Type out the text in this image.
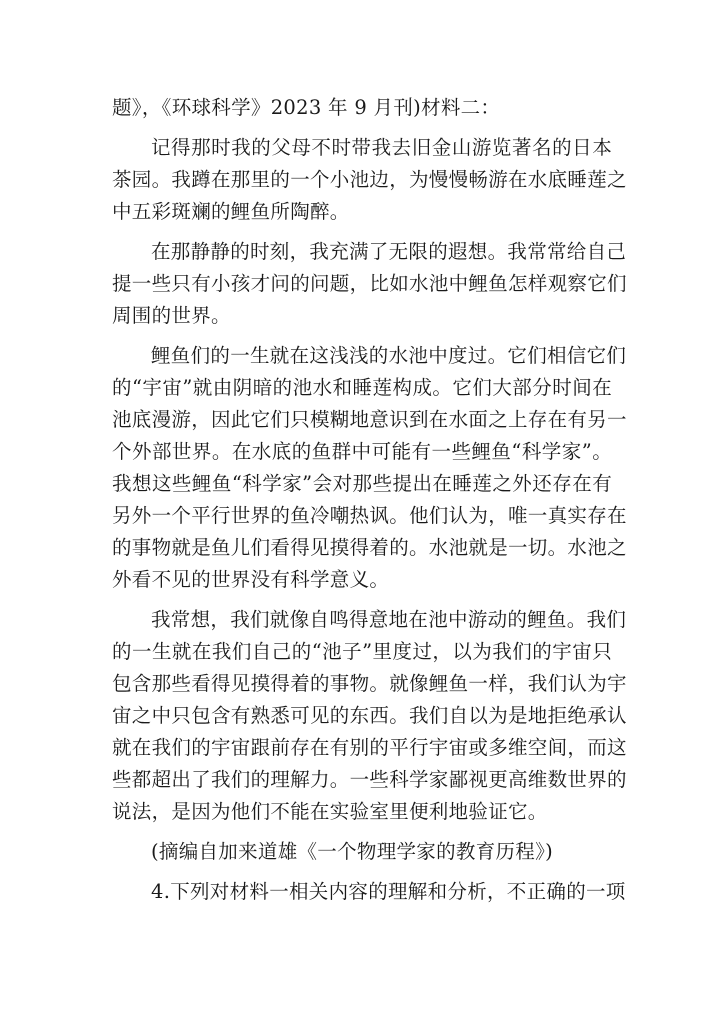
题》，《环球科学》2023 年 9 月刊)材料二：
记得那时我的父母不时带我去旧金山游览著名的日本
茶园。我蹲在那里的一个小池边，为慢慢畅游在水底睡莲之
中五彩斑斓的鲤鱼所陶醉。
在那静静的时刻，我充满了无限的遐想。我常常给自己
提一些只有小孩才问的问题，比如水池中鲤鱼怎样观察它们
周围的世界。
鲤鱼们的一生就在这浅浅的水池中度过。它们相信它们
的“宇宙”就由阴暗的池水和睡莲构成。它们大部分时间在
池底漫游，因此它们只模糊地意识到在水面之上存在有另一
个外部世界。在水底的鱼群中可能有一些鲤鱼“科学家”。
我想这些鲤鱼“科学家”会对那些提出在睡莲之外还存在有
另外一个平行世界的鱼冷嘲热讽。他们认为，唯一真实存在
的事物就是鱼儿们看得见摸得着的。水池就是一切。水池之
外看不见的世界没有科学意义。
我常想，我们就像自鸣得意地在池中游动的鲤鱼。我们
的一生就在我们自己的“池子”里度过，以为我们的宇宙只
包含那些看得见摸得着的事物。就像鲤鱼一样，我们认为宇
宙之中只包含有熟悉可见的东西。我们自以为是地拒绝承认
就在我们的宇宙跟前存在有别的平行宇宙或多维空间，而这
些都超出了我们的理解力。一些科学家鄙视更高维数世界的
说法，是因为他们不能在实验室里便利地验证它。
(摘编自加来道雄《一个物理学家的教育历程》)
4.下列对材料一相关内容的理解和分析，不正确的一项
